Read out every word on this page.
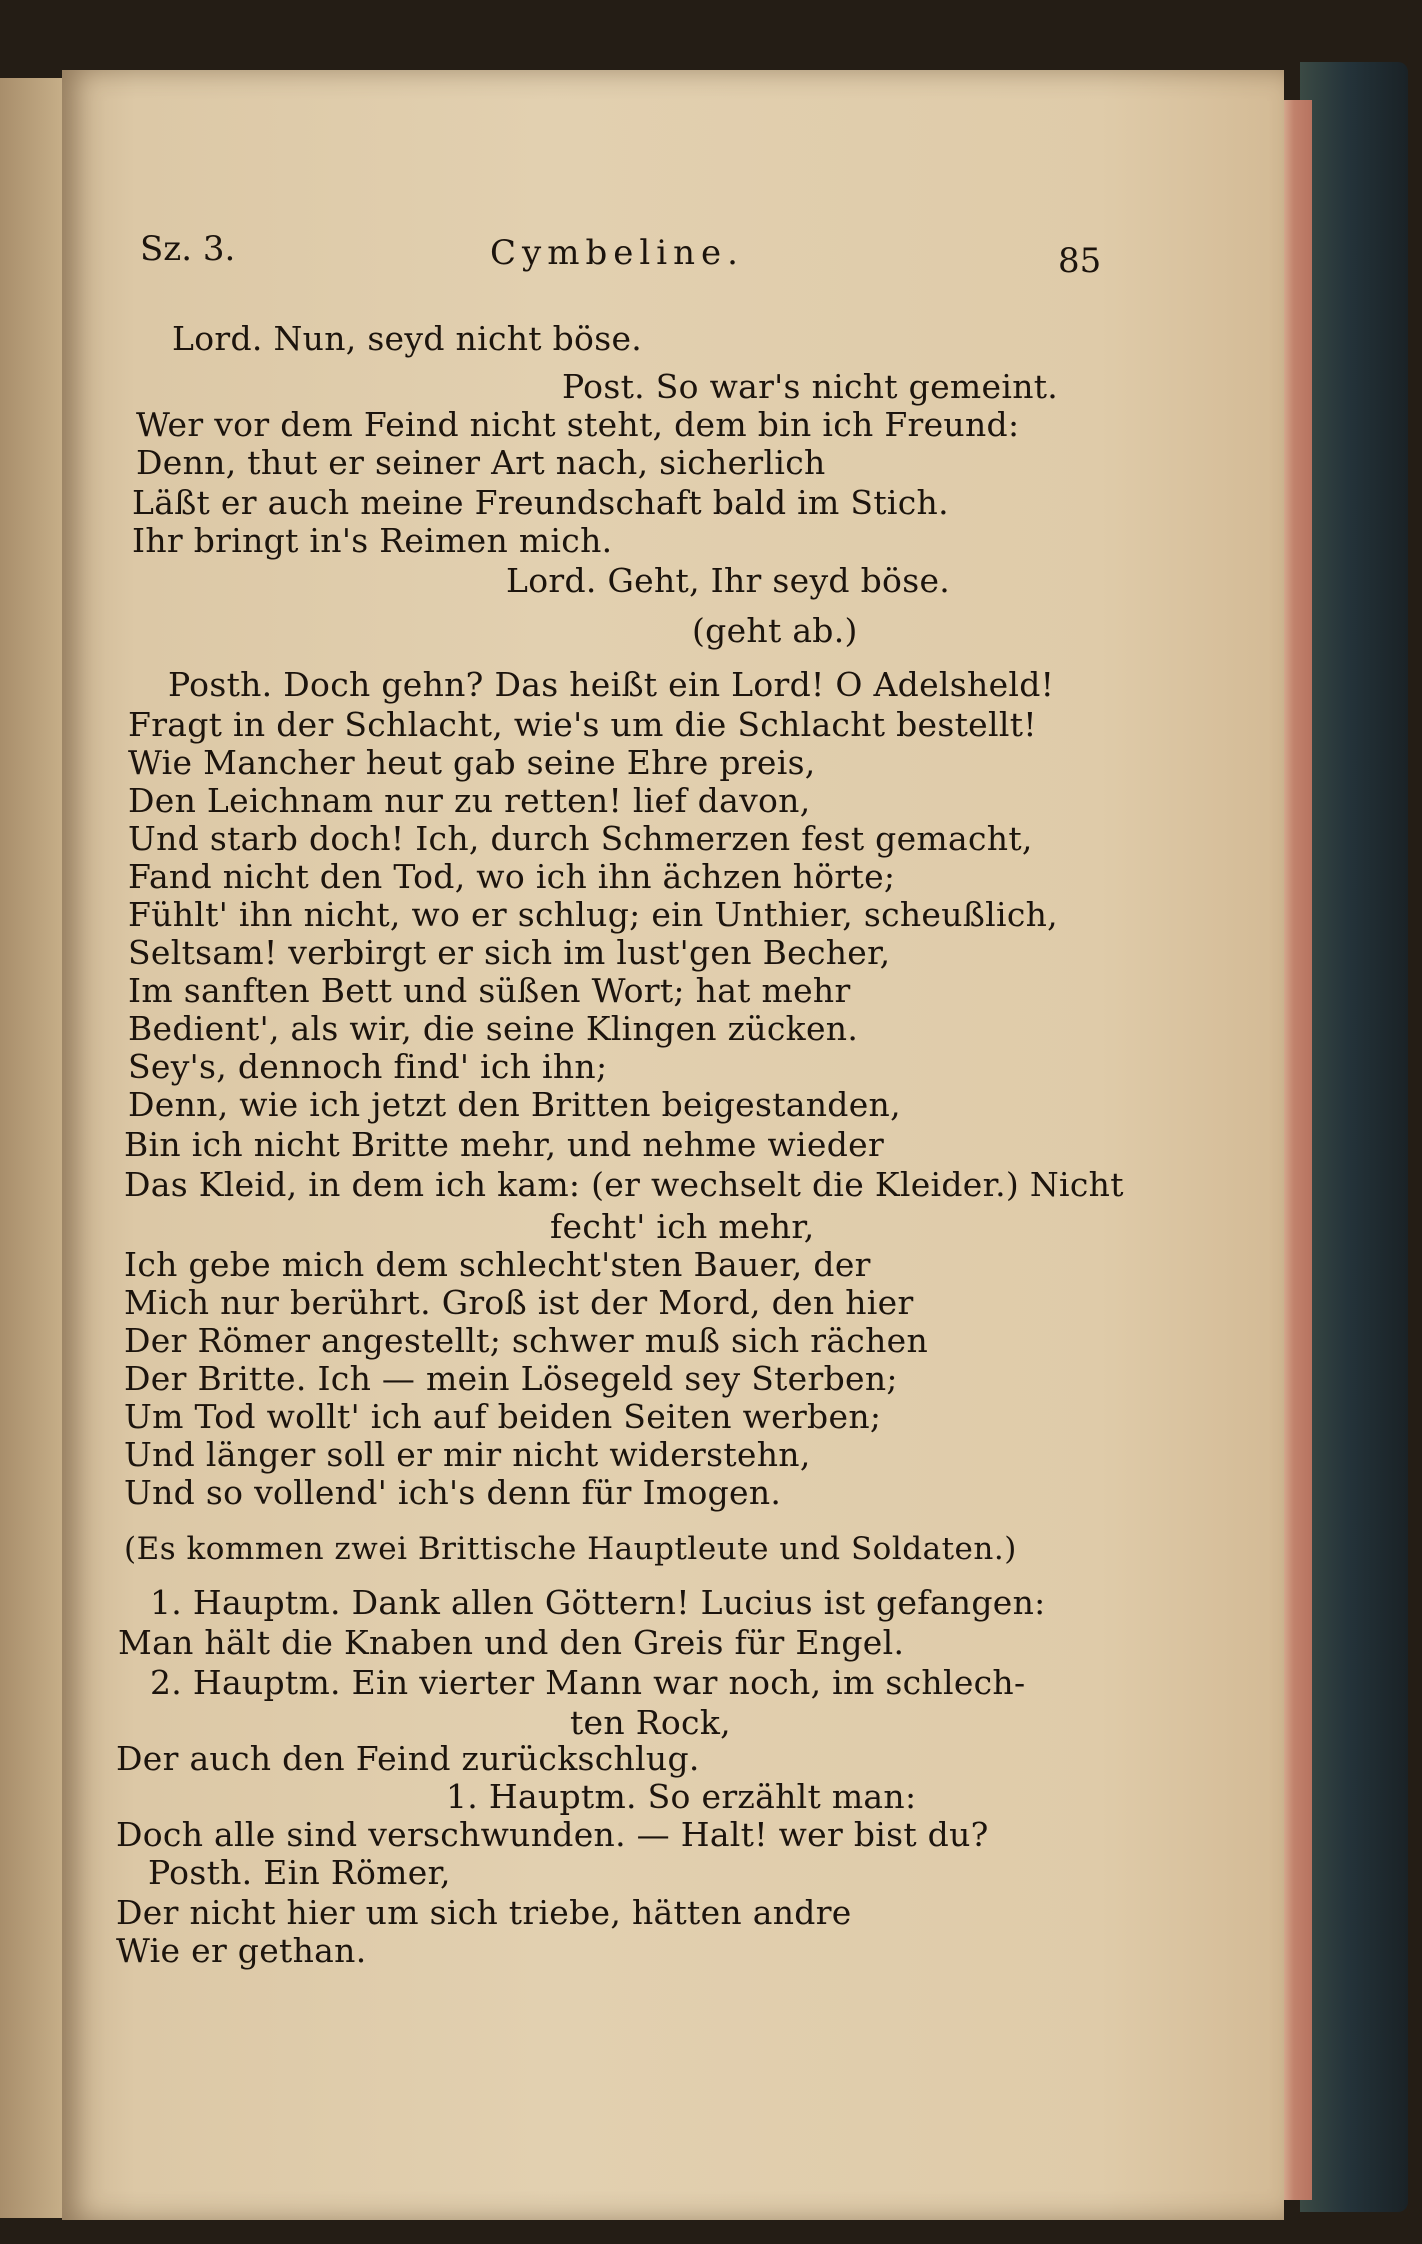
Sz. 3.	Cymbeline.	85
Lord. Nun, seyd nicht böse.
Post. So war's nicht gemeint.
Wer vor dem Feind nicht steht, dem bin ich Freund:
Denn, thut er seiner Art nach, sicherlich
Läßt er auch meine Freundschaft bald im Stich.
Ihr bringt in's Reimen mich.
Lord. Geht, Ihr seyd böse.
(geht ab.)
Posth. Doch gehn? Das heißt ein Lord! O Adelsheld!
Fragt in der Schlacht, wie's um die Schlacht bestellt!
Wie Mancher heut gab seine Ehre preis,
Den Leichnam nur zu retten! lief davon,
Und starb doch! Ich, durch Schmerzen fest gemacht,
Fand nicht den Tod, wo ich ihn ächzen hörte;
Fühlt' ihn nicht, wo er schlug; ein Unthier, scheußlich,
Seltsam! verbirgt er sich im lust'gen Becher,
Im sanften Bett und süßen Wort; hat mehr
Bedient', als wir, die seine Klingen zücken.
Sey's, dennoch find' ich ihn;
Denn, wie ich jetzt den Britten beigestanden,
Bin ich nicht Britte mehr, und nehme wieder
Das Kleid, in dem ich kam: (er wechselt die Kleider.) Nicht
fecht' ich mehr,
Ich gebe mich dem schlecht'sten Bauer, der
Mich nur berührt. Groß ist der Mord, den hier
Der Römer angestellt; schwer muß sich rächen
Der Britte. Ich — mein Lösegeld sey Sterben;
Um Tod wollt' ich auf beiden Seiten werben;
Und länger soll er mir nicht widerstehn,
Und so vollend' ich's denn für Imogen.
(Es kommen zwei Brittische Hauptleute und Soldaten.)
1. Hauptm. Dank allen Göttern! Lucius ist gefangen:
Man hält die Knaben und den Greis für Engel.
2. Hauptm. Ein vierter Mann war noch, im schlech-
ten Rock,
Der auch den Feind zurückschlug.
1. Hauptm. So erzählt man:
Doch alle sind verschwunden. — Halt! wer bist du?
Posth. Ein Römer,
Der nicht hier um sich triebe, hätten andre
Wie er gethan.
